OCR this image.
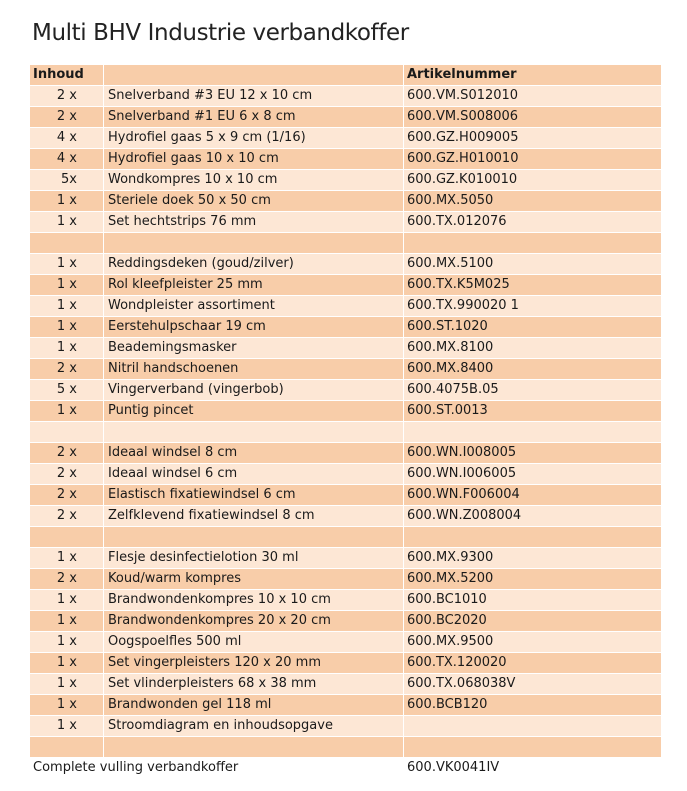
Multi BHV Industrie verbandkoffer
Inhoud		Artikelnummer
2 x	Snelverband #3 EU 12 x 10 cm	600.VM.S012010
2 x	Snelverband #1 EU 6 x 8 cm	600.VM.S008006
4 x	Hydrofiel gaas 5 x 9 cm (1/16)	600.GZ.H009005
4 x	Hydrofiel gaas 10 x 10 cm	600.GZ.H010010
5x	Wondkompres 10 x 10 cm	600.GZ.K010010
1 x	Steriele doek 50 x 50 cm	600.MX.5050
1 x	Set hechtstrips 76 mm	600.TX.012076

1 x	Reddingsdeken (goud/zilver)	600.MX.5100
1 x	Rol kleefpleister 25 mm	600.TX.K5M025
1 x	Wondpleister assortiment	600.TX.990020 1
1 x	Eerstehulpschaar 19 cm	600.ST.1020
1 x	Beademingsmasker	600.MX.8100
2 x	Nitril handschoenen	600.MX.8400
5 x	Vingerverband (vingerbob)	600.4075B.05
1 x	Puntig pincet	600.ST.0013

2 x	Ideaal windsel 8 cm	600.WN.I008005
2 x	Ideaal windsel 6 cm	600.WN.I006005
2 x	Elastisch fixatiewindsel 6 cm	600.WN.F006004
2 x	Zelfklevend fixatiewindsel 8 cm	600.WN.Z008004

1 x	Flesje desinfectielotion 30 ml	600.MX.9300
2 x	Koud/warm kompres	600.MX.5200
1 x	Brandwondenkompres 10 x 10 cm	600.BC1010
1 x	Brandwondenkompres 20 x 20 cm	600.BC2020
1 x	Oogspoelfles 500 ml	600.MX.9500
1 x	Set vingerpleisters 120 x 20 mm	600.TX.120020
1 x	Set vlinderpleisters 68 x 38 mm	600.TX.068038V
1 x	Brandwonden gel 118 ml	600.BCB120
1 x	Stroomdiagram en inhoudsopgave	

Complete vulling verbandkoffer		600.VK0041IV
